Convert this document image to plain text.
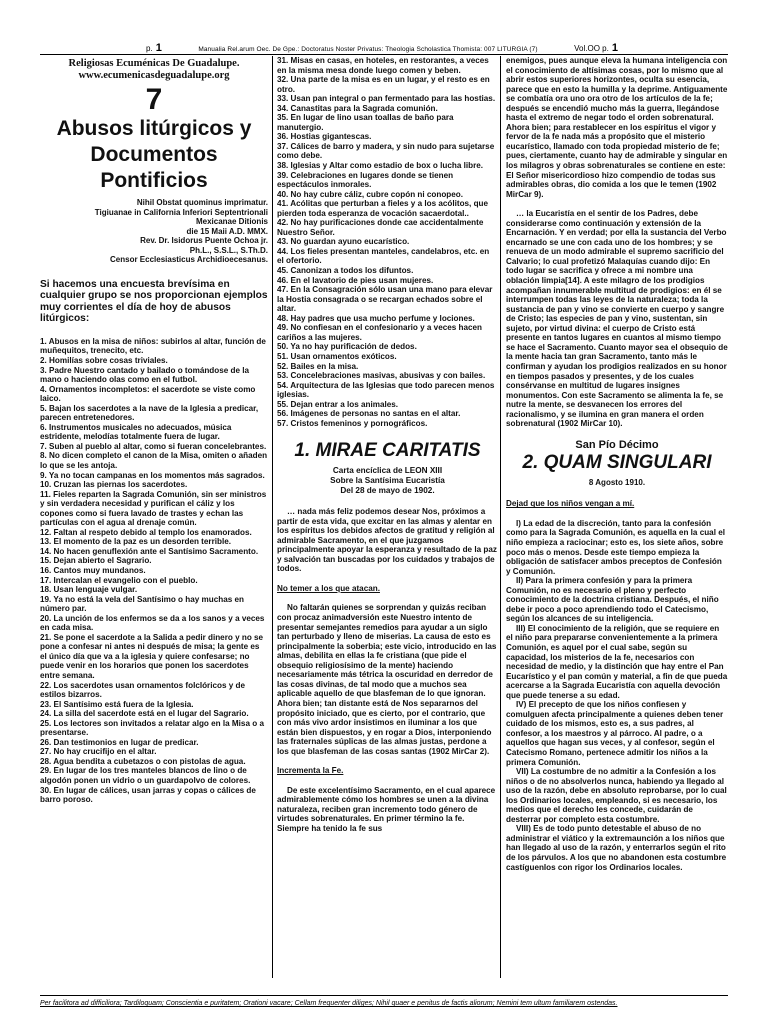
p. 1	Manualia Rel.arum Oec. De Gpe.: Doctoratus Noster Privatus: Theologia Scholastica Thomista: 007 LITURGIA (7)	Vol.OO p. 1
Religiosas Ecuménicas De Guadalupe.
www.ecumenicasdeguadalupe.org
7
Abusos litúrgicos y
Documentos
Pontificios

Nihil Obstat quominus imprimatur.

Tigiuanae in California Inferiori Septentrionali

Mexicanae Ditionis

die 15 Maii A.D. MMX.

Rev. Dr. Isidorus Puente Ochoa jr.

Ph.L., S.S.L., S.Th.D.

Censor Ecclesiasticus Archidioecesanus.

Si hacemos una encuesta brevísima en cualquier grupo se nos proporcionan ejemplos muy corrientes el día de hoy de abusos litúrgicos:

1. Abusos en la misa de niños: subirlos al altar, función de muñequitos, trenecito, etc.

2. Homilías sobre cosas triviales.

3. Padre Nuestro cantado y bailado o tomándose de la mano o haciendo olas como en el futbol.

4. Ornamentos incompletos: el sacerdote se viste como laico.

5. Bajan los sacerdotes a la nave de la Iglesia a predicar, parecen entretenedores.

6. Instrumentos musicales no adecuados, música estridente, melodías totalmente fuera de lugar.

7. Suben al pueblo al altar, como si fueran concelebrantes.

8. No dicen completo el canon de la Misa, omiten o añaden lo que se les antoja.

9. Ya no tocan campanas en los momentos más sagrados.

10. Cruzan las piernas los sacerdotes.

11. Fieles reparten la Sagrada Comunión, sin ser ministros y sin verdadera necesidad y purifican el cáliz y los copones como si fuera lavado de trastes y echan las partículas con el agua al drenaje común.

12. Faltan al respeto debido al templo los enamorados.

13. El momento de la paz es un desorden terrible.

14. No hacen genuflexión ante el Santísimo Sacramento.

15. Dejan abierto el Sagrario.

16. Cantos muy mundanos.

17. Intercalan el evangelio con el pueblo.

18. Usan lenguaje vulgar.

19. Ya no está la vela del Santísimo o hay muchas en número par.

20. La unción de los enfermos se da a los sanos y a veces en cada misa.

21. Se pone el sacerdote a la Salida a pedir dinero y no se pone a confesar ni antes ni después de misa; la gente es el único día que va a la iglesia y quiere confesarse; no puede venir en los horarios que ponen los sacerdotes entre semana.

22. Los sacerdotes usan ornamentos folclóricos y de estilos bizarros.

23. El Santísimo está fuera de la Iglesia.

24. La silla del sacerdote está en el lugar del Sagrario.

25. Los lectores son invitados a relatar algo en la Misa o a presentarse.

26. Dan testimonios en lugar de predicar.

27. No hay crucifijo en el altar.

28. Agua bendita a cubetazos o con pistolas de agua.

29. En lugar de los tres manteles blancos de lino o de algodón ponen un vidrio o un guardapolvo de colores.

30. En lugar de cálices, usan jarras y copas o cálices de barro poroso.

31. Misas en casas, en hoteles, en restorantes, a veces en la misma mesa donde luego comen y beben.

32. Una parte de la misa es en un lugar, y el resto es en otro.

33. Usan pan integral o pan fermentado para las hostias.

34. Canastitas para la Sagrada comunión.

35. En lugar de lino usan toallas de baño para manutergio.

36. Hostias gigantescas.

37. Cálices de barro y madera, y sin nudo para sujetarse como debe.

38. Iglesias y Altar como estadio de box o lucha libre.

39. Celebraciones en lugares donde se tienen espectáculos inmorales.

40. No hay cubre cáliz, cubre copón ni conopeo.

41. Acólitas que perturban a fieles y a los acólitos, que pierden toda esperanza de vocación sacaerdotal..

42. No hay purificaciones donde cae accidentalmente Nuestro Señor.

43. No guardan ayuno eucarístico.

44. Los fieles presentan manteles, candelabros, etc. en el ofertorio.

45. Canonizan a todos los difuntos.

46. En el lavatorio de pies usan mujeres.

47. En la Consagración sólo usan una mano para elevar la Hostia consagrada o se recargan echados sobre el altar.

48. Hay padres que usa mucho perfume y lociones.

49. No confiesan en el confesionario y a veces hacen cariños a las mujeres.

50. Ya no hay purificación de dedos.

51. Usan ornamentos exóticos.

52. Bailes en la misa.

53. Concelebraciones masivas, abusivas y con bailes.

54. Arquitectura de las Iglesias que todo parecen menos iglesias.

55. Dejan entrar a los animales.

56. Imágenes de personas no santas en el altar.

57. Cristos femeninos y pornográficos.

1. MIRAE CARITATIS
Carta encíclica de LEON XIII
Sobre la Santísima Eucaristía
Del 28 de mayo de 1902.

… nada más feliz podemos desear Nos, próximos a partir de esta vida, que excitar en las almas y alentar en los espíritus los debidos afectos de gratitud y religión al admirable Sacramento, en el que juzgamos principalmente apoyar la esperanza y resultado de la paz y salvación tan buscadas por los cuidados y trabajos de todos.

No temer a los que atacan.

No faltarán quienes se sorprendan y quizás reciban con procaz animadversión este Nuestro intento de presentar semejantes remedios para ayudar a un siglo tan perturbado y lleno de miserias. La causa de esto es principalmente la soberbia; este vicio, introducido en las almas, debilita en ellas la fe cristiana (que pide el obsequio religiosísimo de la mente) haciendo necesariamente más tétrica la oscuridad en derredor de las cosas divinas, de tal modo que a muchos sea aplicable aquello de que blasfeman de lo que ignoran. Ahora bien; tan distante está de Nos separarnos del propósito iniciado, que es cierto, por el contrario, que con más vivo ardor insistimos en iluminar a los que están bien dispuestos, y en rogar a Dios, interponiendo las fraternales súplicas de las almas justas, perdone a los que blasfeman de las cosas santas (1902 MirCar 2).

Incrementa la Fe.

De este excelentísimo Sacramento, en el cual aparece admirablemente cómo los hombres se unen a la divina naturaleza, reciben gran incremento todo género de virtudes sobrenaturales. En primer término la fe. Siempre ha tenido la fe sus

enemigos, pues aunque eleva la humana inteligencia con el conocimiento de altísimas cosas, por lo mismo que al abrir estos superiores horizontes, oculta su esencia, parece que en esto la humilla y la deprime. Antiguamente se combatía ora uno ora otro de los artículos de la fe; después se encendió mucho más la guerra, llegándose hasta el extremo de negar todo el orden sobrenatural. Ahora bien; para restablecer en los espíritus el vigor y fervor de la fe nada más a propósito que el misterio eucarístico, llamado con toda propiedad misterio de fe; pues, ciertamente, cuanto hay de admirable y singular en los milagros y obras sobrenaturales se contiene en este: El Señor misericordioso hizo compendio de todas sus admirables obras, dio comida a los que le temen (1902 MirCar 9).

… la Eucaristía en el sentir de los Padres, debe considerarse como continuación y extensión de la Encarnación. Y en verdad; por ella la sustancia del Verbo encarnado se une con cada uno de los hombres; y se renueva de un modo admirable el supremo sacrificio del Calvario; lo cual profetizó Malaquías cuando dijo: En todo lugar se sacrifica y ofrece a mi nombre una oblación limpia[14]. A este milagro de los prodigios acompañan innumerable multitud de prodigios: en él se interrumpen todas las leyes de la naturaleza; toda la sustancia de pan y vino se convierte en cuerpo y sangre de Cristo; las especies de pan y vino, sustentan, sin sujeto, por virtud divina: el cuerpo de Cristo está presente en tantos lugares en cuantos al mismo tiempo se hace el Sacramento. Cuanto mayor sea el obsequio de la mente hacia tan gran Sacramento, tanto más le confirman y ayudan los prodigios realizados en su honor en tiempos pasados y presentes, y de los cuales consérvanse en multitud de lugares insignes monumentos. Con este Sacramento se alimenta la fe, se nutre la mente, se desvanecen los errores del racionalismo, y se ilumina en gran manera el orden sobrenatural (1902 MirCar 10).

San Pío Décimo
2. QUAM SINGULARI
8 Agosto 1910.

Dejad que los niños vengan a mí.

I) La edad de la discreción, tanto para la confesión como para la Sagrada Comunión, es aquella en la cual el niño empieza a raciocinar; esto es, los siete años, sobre poco más o menos. Desde este tiempo empieza la obligación de satisfacer ambos preceptos de Confesión y Comunión.

II) Para la primera confesión y para la primera Comunión, no es necesario el pleno y perfecto conocimiento de la doctrina cristiana. Después, el niño debe ir poco a poco aprendiendo todo el Catecismo, según los alcances de su inteligencia.

III) El conocimiento de la religión, que se requiere en el niño para prepararse convenientemente a la primera Comunión, es aquel por el cual sabe, según su capacidad, los misterios de la fe, necesarios con necesidad de medio, y la distinción que hay entre el Pan Eucarístico y el pan común y material, a fin de que pueda acercarse a la Sagrada Eucaristía con aquella devoción que puede tenerse a su edad.

IV) El precepto de que los niños confiesen y comulguen afecta principalmente a quienes deben tener cuidado de los mismos, esto es, a sus padres, al confesor, a los maestros y al párroco. Al padre, o a aquellos que hagan sus veces, y al confesor, según el Catecismo Romano, pertenece admitir los niños a la primera Comunión.

VII) La costumbre de no admitir a la Confesión a los niños o de no absolverlos nunca, habiendo ya llegado al uso de la razón, debe en absoluto reprobarse, por lo cual los Ordinarios locales, empleando, si es necesario, los medios que el derecho les concede, cuidarán de desterrar por completo esta costumbre.

VIII) Es de todo punto detestable el abuso de no administrar el viático y la extremaunción a los niños que han llegado al uso de la razón, y enterrarlos según el rito de los párvulos. A los que no abandonen esta costumbre castíguenlos con rigor los Ordinarios locales.

Per facilitora ad difficiliora; Tardiloquam; Conscientia e puritatem; Orationi vacare; Cellam frequenter diliges; Nihil quaer e penitus de factis aliorum; Nemini tem ultum familiarem ostendas.
